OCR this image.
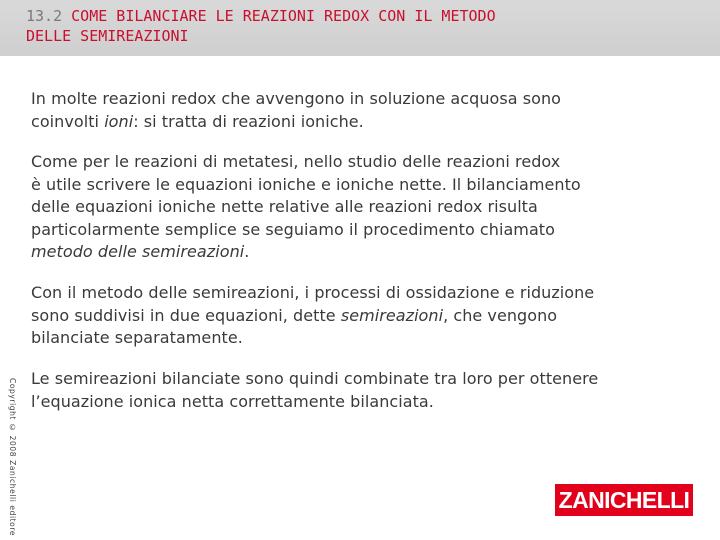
13.2 COME BILANCIARE LE REAZIONI REDOX CON IL METODO
DELLE SEMIREAZIONI

In molte reazioni redox che avvengono in soluzione acquosa sono
coinvolti ioni: si tratta di reazioni ioniche.

Come per le reazioni di metatesi, nello studio delle reazioni redox
è utile scrivere le equazioni ioniche e ioniche nette. Il bilanciamento
delle equazioni ioniche nette relative alle reazioni redox risulta
particolarmente semplice se seguiamo il procedimento chiamato
metodo delle semireazioni.

Con il metodo delle semireazioni, i processi di ossidazione e riduzione
sono suddivisi in due equazioni, dette semireazioni, che vengono
bilanciate separatamente.

Le semireazioni bilanciate sono quindi combinate tra loro per ottenere
l’equazione ionica netta correttamente bilanciata.

Copyright © 2008 Zanichelli editore	ZANICHELLI
